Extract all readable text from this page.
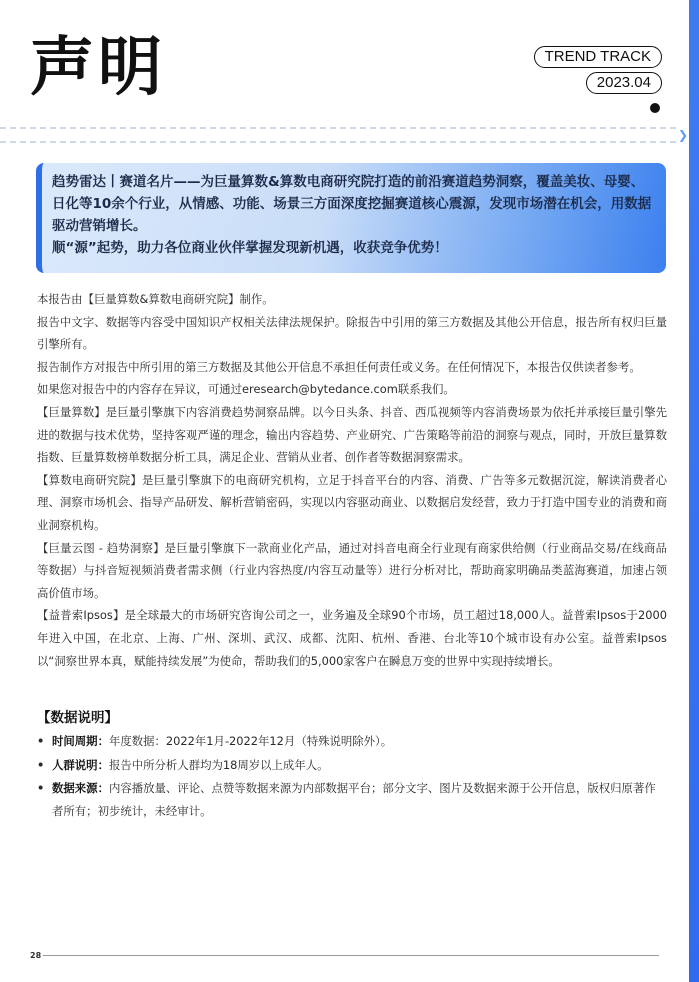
声明	TREND TRACK
2023.04
❯

趋势雷达丨赛道名片——为巨量算数&算数电商研究院打造的前沿赛道趋势洞察，覆盖美妆、母婴、日化等10余个行业，从情感、功能、场景三方面深度挖掘赛道核心震源，发现市场潜在机会，用数据驱动营销增长。

顺“源”起势，助力各位商业伙伴掌握发现新机遇，收获竞争优势！

本报告由【巨量算数&算数电商研究院】制作。

报告中文字、数据等内容受中国知识产权相关法律法规保护。除报告中引用的第三方数据及其他公开信息，报告所有权归巨量引擎所有。

报告制作方对报告中所引用的第三方数据及其他公开信息不承担任何责任或义务。在任何情况下，本报告仅供读者参考。

如果您对报告中的内容存在异议，可通过eresearch@bytedance.com联系我们。

【巨量算数】是巨量引擎旗下内容消费趋势洞察品牌。以今日头条、抖音、西瓜视频等内容消费场景为依托并承接巨量引擎先进的数据与技术优势，坚持客观严谨的理念，输出内容趋势、产业研究、广告策略等前沿的洞察与观点，同时，开放巨量算数指数、巨量算数榜单数据分析工具，满足企业、营销从业者、创作者等数据洞察需求。

【算数电商研究院】是巨量引擎旗下的电商研究机构，立足于抖音平台的内容、消费、广告等多元数据沉淀，解读消费者心理、洞察市场机会、指导产品研发、解析营销密码，实现以内容驱动商业、以数据启发经营，致力于打造中国专业的消费和商业洞察机构。

【巨量云图 - 趋势洞察】是巨量引擎旗下一款商业化产品，通过对抖音电商全行业现有商家供给侧（行业商品交易/在线商品等数据）与抖音短视频消费者需求侧（行业内容热度/内容互动量等）进行分析对比，帮助商家明确品类蓝海赛道，加速占领高价值市场。

【益普索Ipsos】是全球最大的市场研究咨询公司之一，业务遍及全球90个市场，员工超过18,000人。益普索Ipsos于2000年进入中国，在北京、上海、广州、深圳、武汉、成都、沈阳、杭州、香港、台北等10个城市设有办公室。益普索Ipsos以“洞察世界本真，赋能持续发展”为使命，帮助我们的5,000家客户在瞬息万变的世界中实现持续增长。

【数据说明】
• 时间周期：年度数据：2022年1月-2022年12月（特殊说明除外）。
• 人群说明：报告中所分析人群均为18周岁以上成年人。
• 数据来源：内容播放量、评论、点赞等数据来源为内部数据平台；部分文字、图片及数据来源于公开信息，版权归原著作者所有；初步统计，未经审计。
28
